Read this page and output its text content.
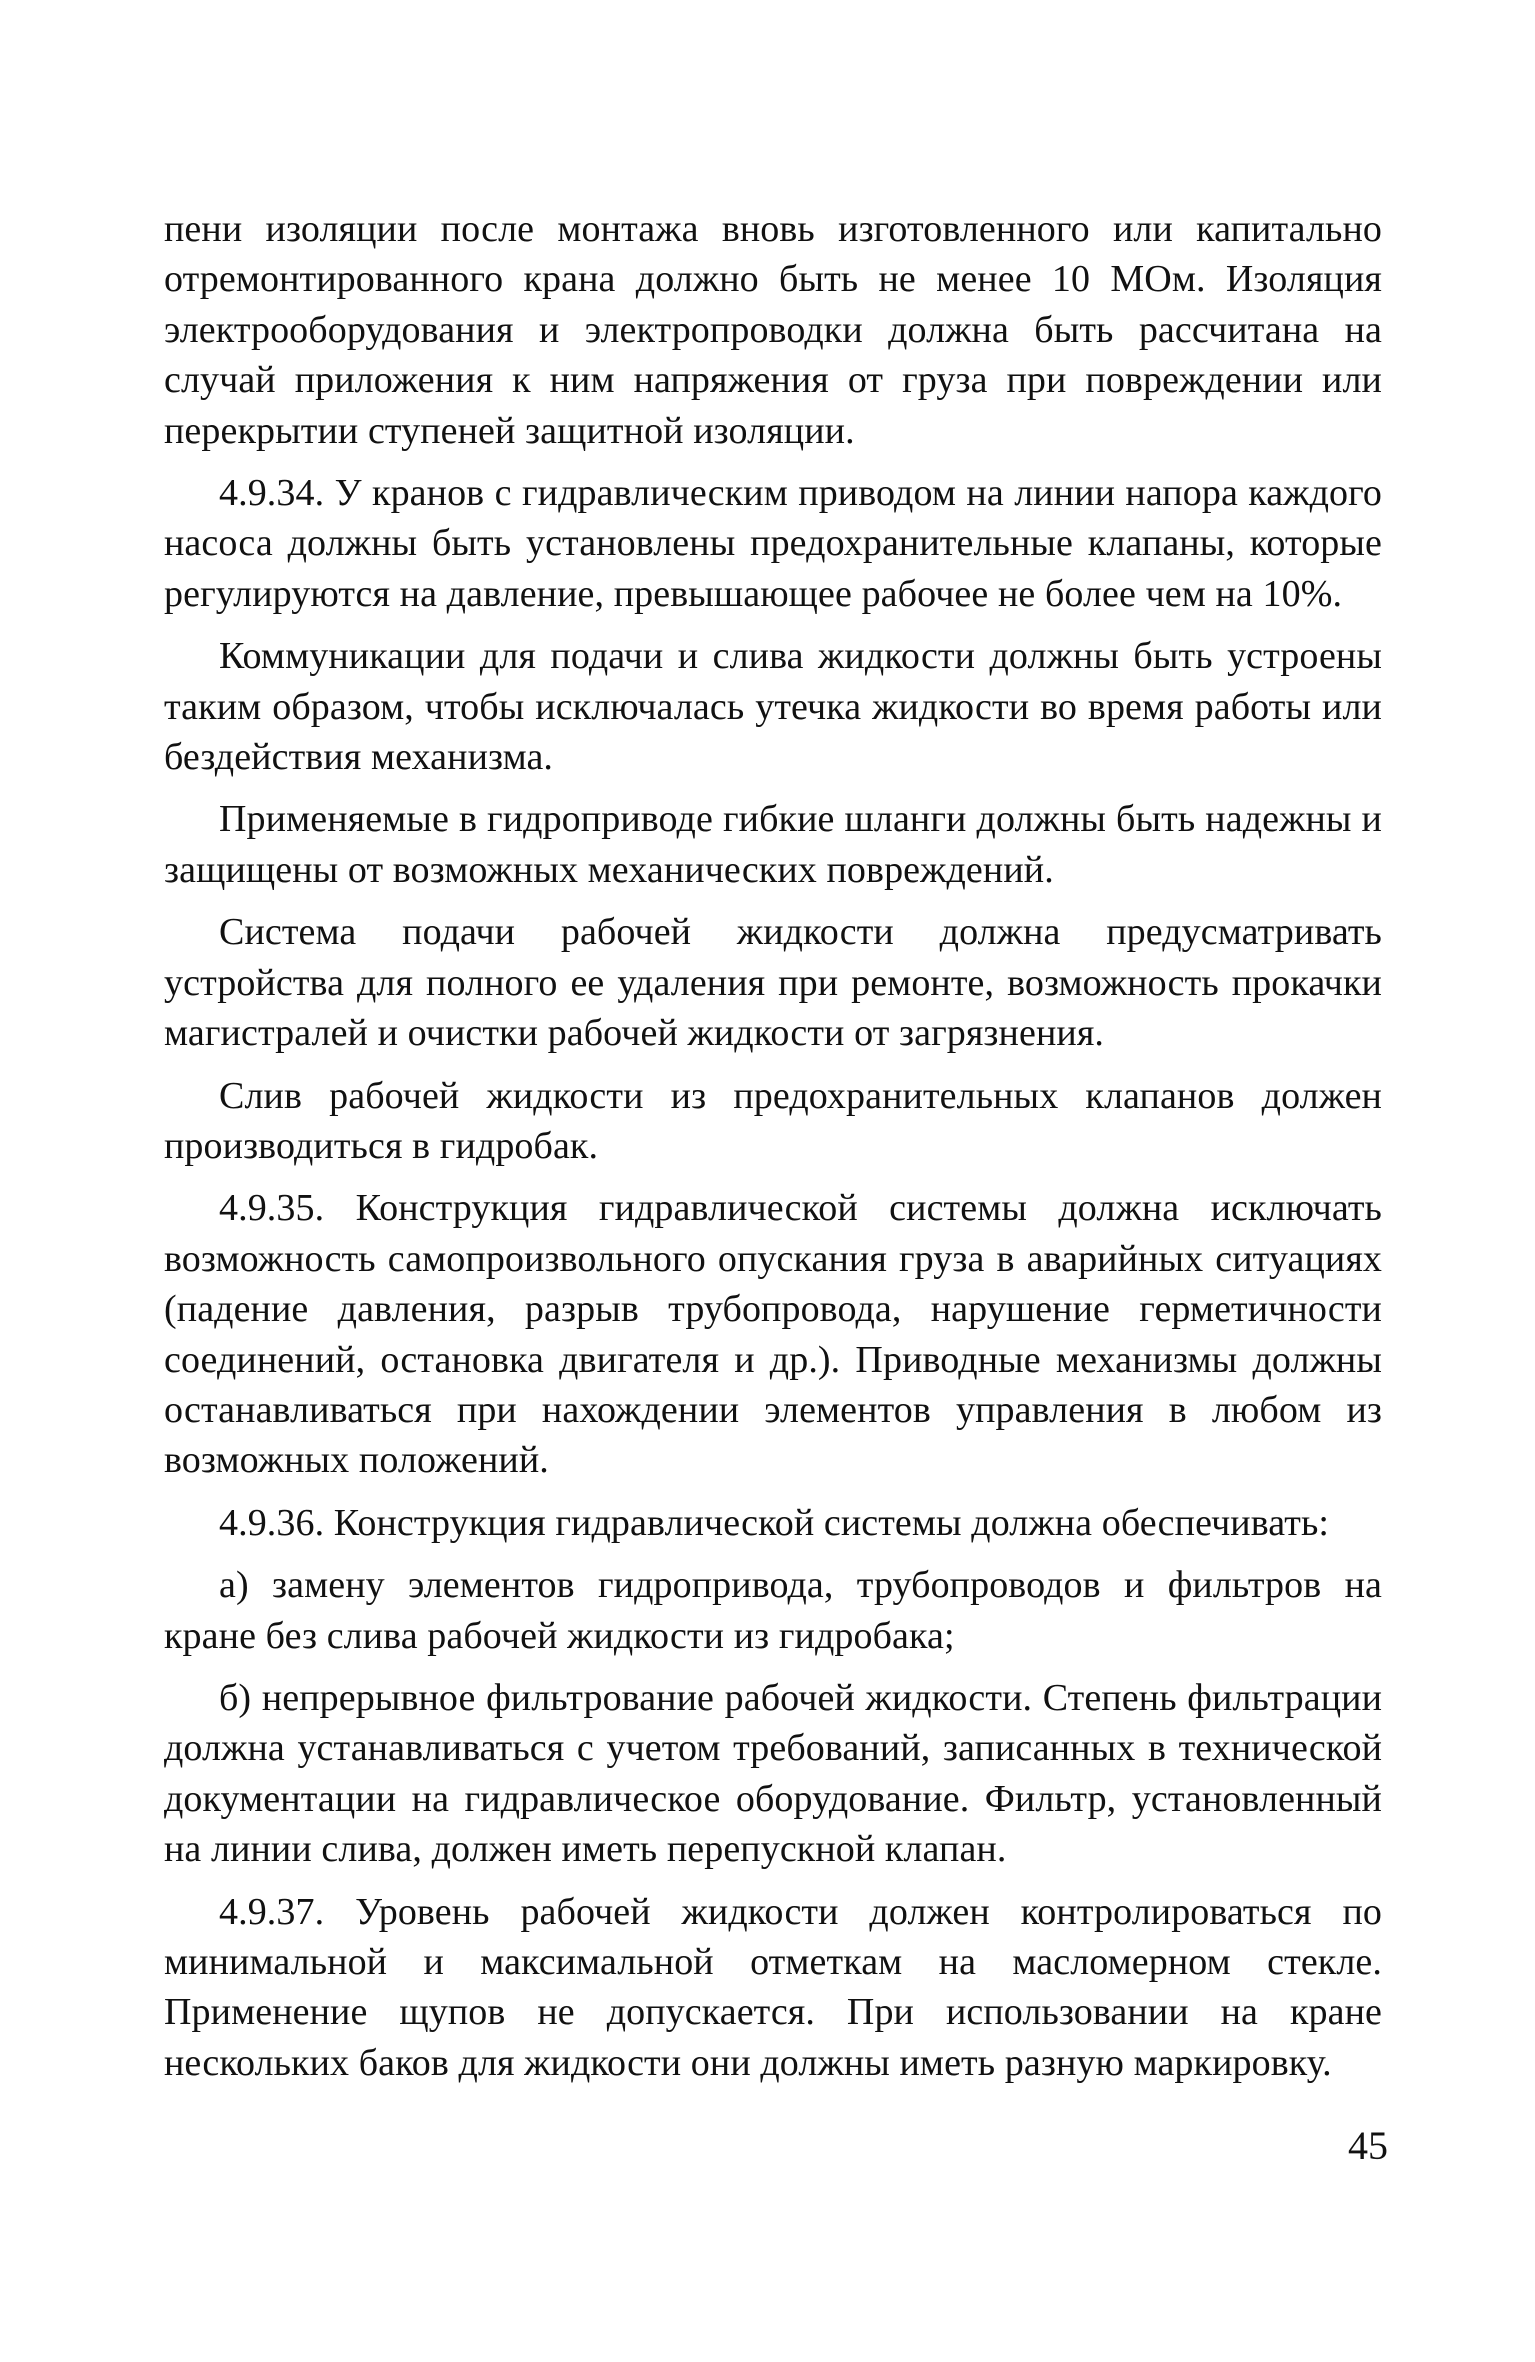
пени изоляции после монтажа вновь изготовленного или капитально отремонтированного крана должно быть не менее 10 МОм. Изоляция электрооборудования и электропроводки должна быть рассчитана на случай приложения к ним напряжения от груза при повреждении или перекрытии ступеней защитной изоляции.

4.9.34. У кранов с гидравлическим приводом на линии напора каждого насоса должны быть установлены предохранительные клапаны, которые регулируются на давление, превышающее рабочее не более чем на 10%.

Коммуникации для подачи и слива жидкости должны быть устроены таким образом, чтобы исключалась утечка жидкости во время работы или бездействия механизма.

Применяемые в гидроприводе гибкие шланги должны быть надежны и защищены от возможных механических повреждений.

Система подачи рабочей жидкости должна предусматривать устройства для полного ее удаления при ремонте, возможность прокачки магистралей и очистки рабочей жидкости от загрязнения.

Слив рабочей жидкости из предохранительных клапанов должен производиться в гидробак.

4.9.35. Конструкция гидравлической системы должна исключать возможность самопроизвольного опускания груза в аварийных ситуациях (падение давления, разрыв трубопровода, нарушение герметичности соединений, остановка двигателя и др.). Приводные механизмы должны останавливаться при нахождении элементов управления в любом из возможных положений.

4.9.36. Конструкция гидравлической системы должна обеспечивать:

а) замену элементов гидропривода, трубопроводов и фильтров на кране без слива рабочей жидкости из гидробака;

б) непрерывное фильтрование рабочей жидкости. Степень фильтрации должна устанавливаться с учетом требований, записанных в технической документации на гидравлическое оборудование. Фильтр, установленный на линии слива, должен иметь перепускной клапан.

4.9.37. Уровень рабочей жидкости должен контролироваться по минимальной и максимальной отметкам на масломерном стекле. Применение щупов не допускается. При использовании на кране нескольких баков для жидкости они должны иметь разную маркировку.

45
